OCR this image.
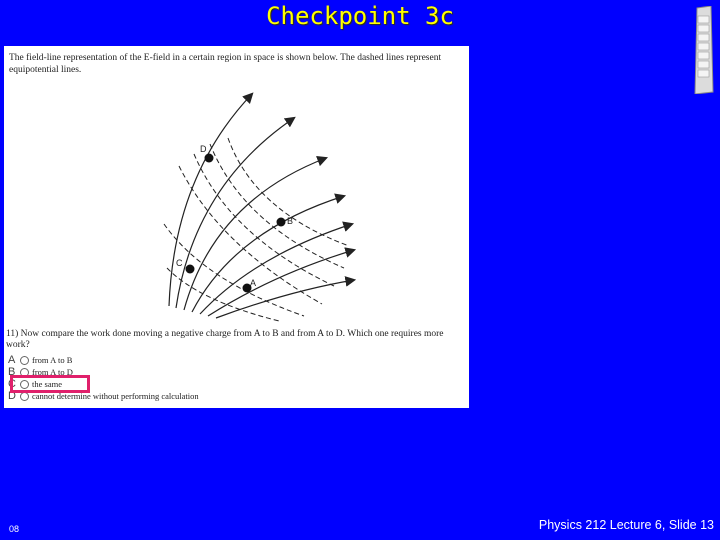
Checkpoint 3c
The field-line representation of the E-field in a certain region in space is shown below. The dashed lines represent equipotential lines.
D
B
C
A
11) Now compare the work done moving a negative charge from A to B and from A to D. Which one requires more work?
A	from A to B
B	from A to D
C	the same
D	cannot determine without performing calculation
08	Physics 212 Lecture 6, Slide 13
